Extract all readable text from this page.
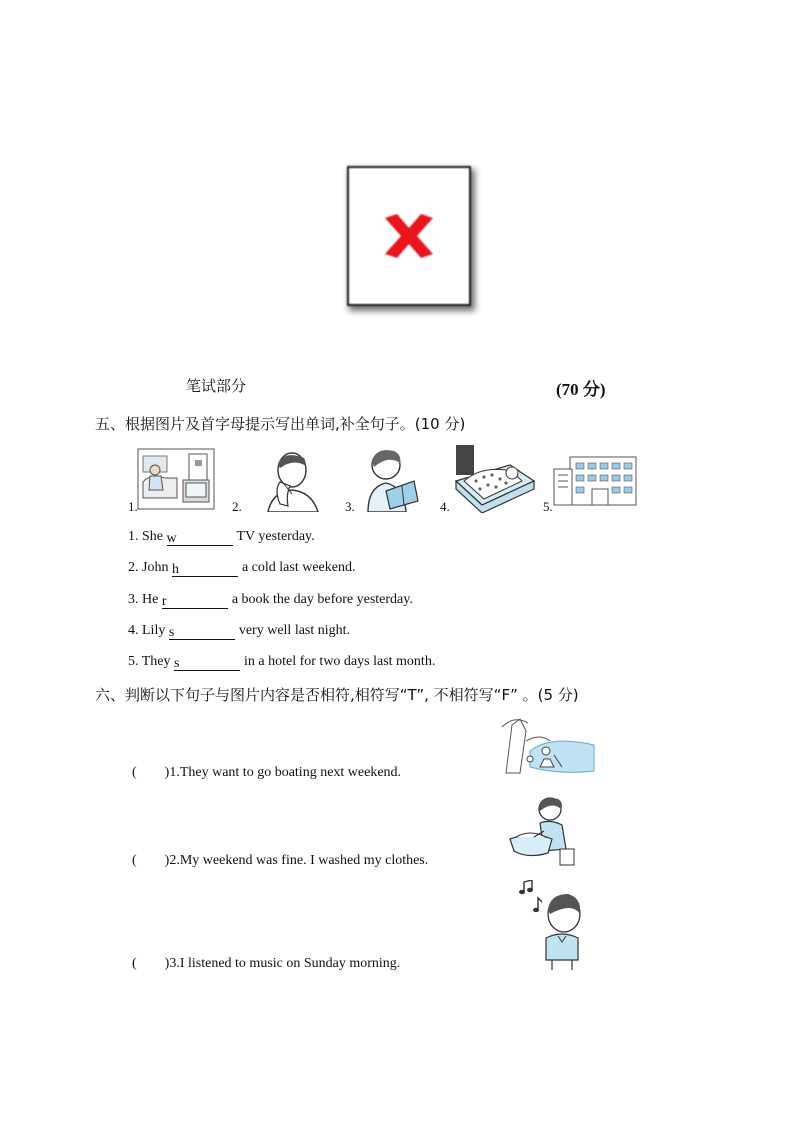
笔试部分	(70 分)
五、根据图片及首字母提示写出单词,补全句子。(10 分)
1.	2.	3.	4.	5.
1. She w	TV yesterday.
2. John h	a cold last weekend.
3. He r	a book the day before yesterday.
4. Lily s	very well last night.
5. They s	in a hotel for two days last month.
六、判断以下句子与图片内容是否相符,相符写“T”, 不相符写“F” 。(5 分)
(        )1.They want to go boating next weekend.
(        )2.My weekend was fine. I washed my clothes.
(        )3.I listened to music on Sunday morning.
